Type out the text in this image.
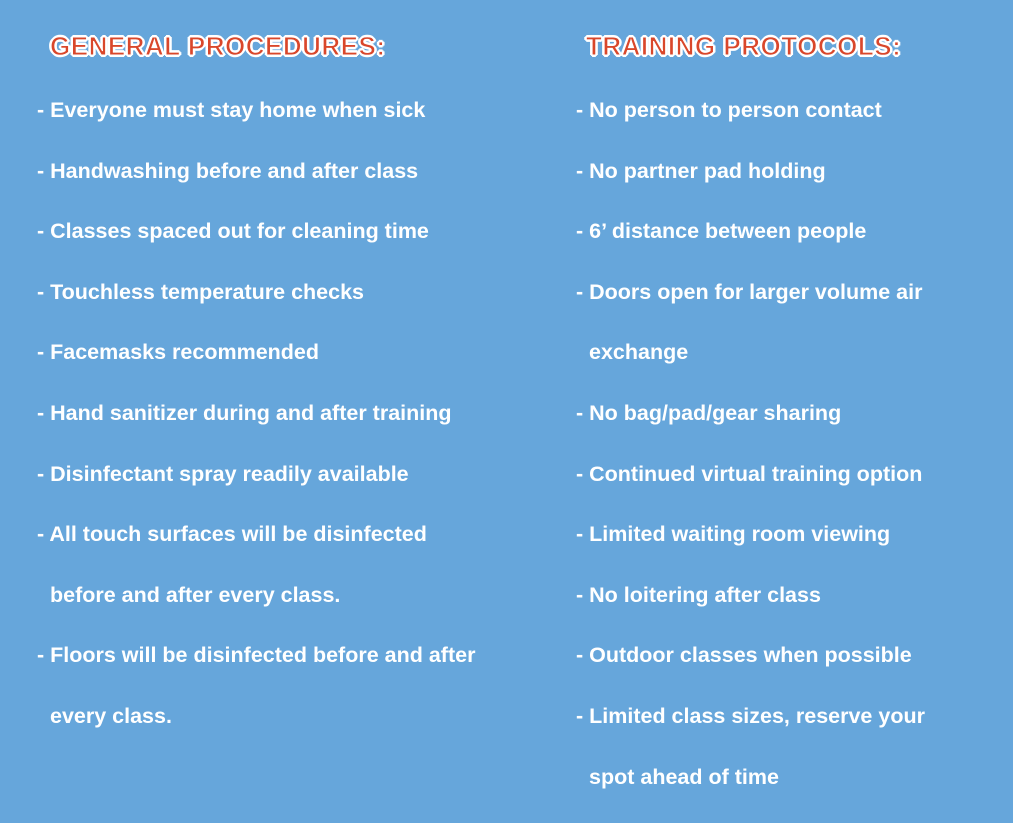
GENERAL PROCEDURES:	TRAINING PROTOCOLS:
- Everyone must stay home when sick
- Handwashing before and after class
- Classes spaced out for cleaning time
- Touchless temperature checks
- Facemasks recommended
- Hand sanitizer during and after training
- Disinfectant spray readily available
- All touch surfaces will be disinfected
before and after every class.
- Floors will be disinfected before and after
every class.
- No person to person contact
- No partner pad holding
- 6’ distance between people
- Doors open for larger volume air
exchange
- No bag/pad/gear sharing
- Continued virtual training option
- Limited waiting room viewing
- No loitering after class
- Outdoor classes when possible
- Limited class sizes, reserve your
spot ahead of time
